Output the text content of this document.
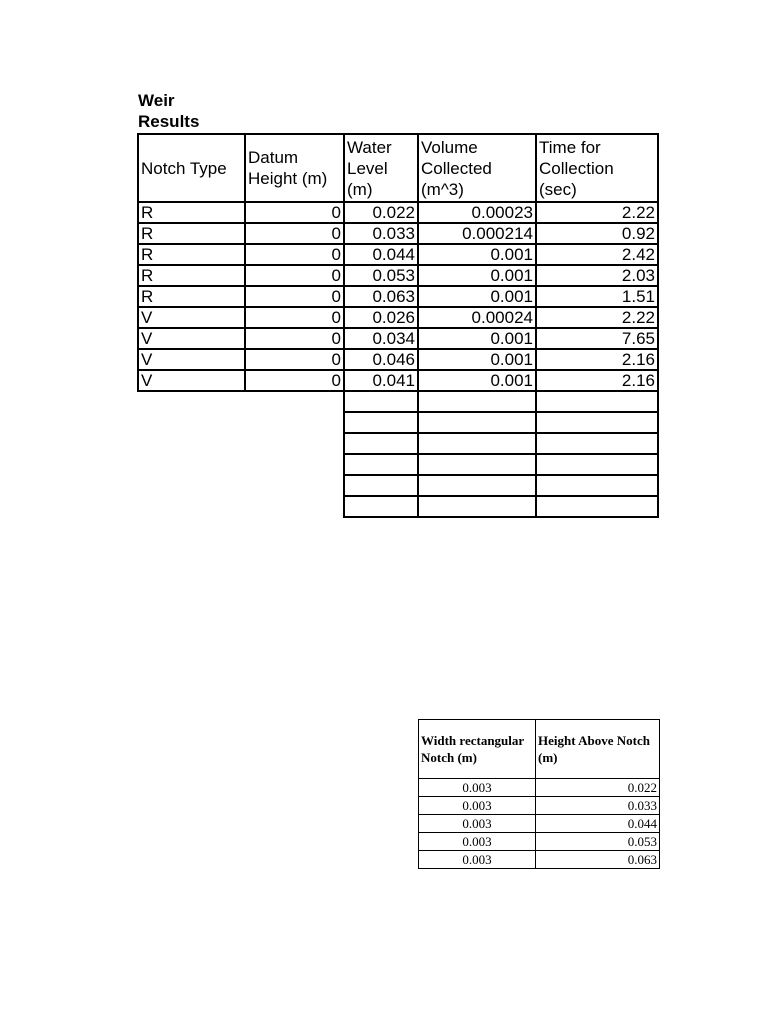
Weir
Results
Notch Type	Datum Height (m)	Water Level (m)	Volume Collected (m^3)	Time for Collection (sec)
R	0	0.022	0.00023	2.22
R	0	0.033	0.000214	0.92
R	0	0.044	0.001	2.42
R	0	0.053	0.001	2.03
R	0	0.063	0.001	1.51
V	0	0.026	0.00024	2.22
V	0	0.034	0.001	7.65
V	0	0.046	0.001	2.16
V	0	0.041	0.001	2.16

Width rectangular Notch (m)	Height Above Notch (m)
0.003	0.022
0.003	0.033
0.003	0.044
0.003	0.053
0.003	0.063
